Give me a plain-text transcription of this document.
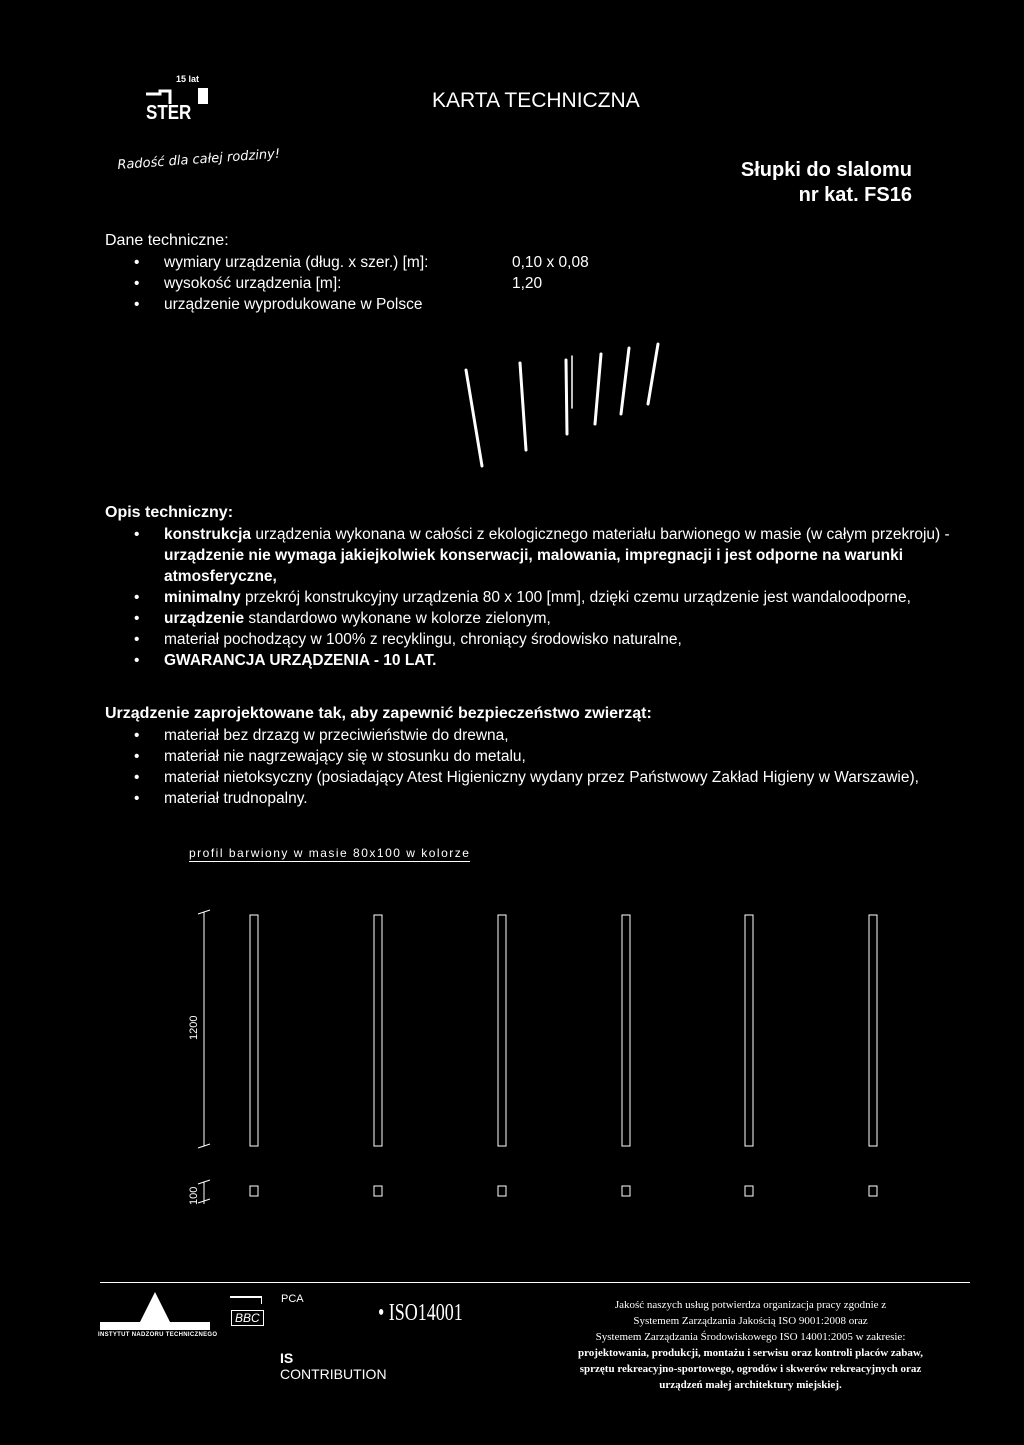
15 lat
STER
KARTA TECHNICZNA
Radość dla całej rodziny!	Słupki do slalomu
nr kat. FS16
Dane techniczne:
• wymiary urządzenia (dług. x szer.) [m]:	0,10 x 0,08
• wysokość urządzenia [m]:	1,20
• urządzenie wyprodukowane w Polsce
Opis techniczny:
• konstrukcja urządzenia wykonana w całości z ekologicznego materiału barwionego w masie (w całym przekroju) - urządzenie nie wymaga jakiejkolwiek konserwacji, malowania, impregnacji i jest odporne na warunki atmosferyczne,
• minimalny przekrój konstrukcyjny urządzenia 80 x 100 [mm], dzięki czemu urządzenie jest wandaloodporne,
• urządzenie standardowo wykonane w kolorze zielonym,
• materiał pochodzący w 100% z recyklingu, chroniący środowisko naturalne,
• GWARANCJA URZĄDZENIA - 10 LAT.
Urządzenie zaprojektowane tak, aby zapewnić bezpieczeństwo zwierząt:
• materiał bez drzazg w przeciwieństwie do drewna,
• materiał nie nagrzewający się w stosunku do metalu,
• materiał nietoksyczny (posiadający Atest Higieniczny wydany przez Państwowy Zakład Higieny w Warszawie),
• materiał trudnopalny.
profil barwiony w masie 80x100 w kolorze
1200
100
INSTYTUT NADZORU TECHNICZNEGO
BBC
PCA
• ISO14001
IS
CONTRIBUTION
Jakość naszych usług potwierdza organizacja pracy zgodnie z
Systemem Zarządzania Jakością ISO 9001:2008 oraz
Systemem Zarządzania Środowiskowego ISO 14001:2005 w zakresie:
projektowania, produkcji, montażu i serwisu oraz kontroli placów zabaw,
sprzętu rekreacyjno-sportowego, ogrodów i skwerów rekreacyjnych oraz
urządzeń małej architektury miejskiej.
